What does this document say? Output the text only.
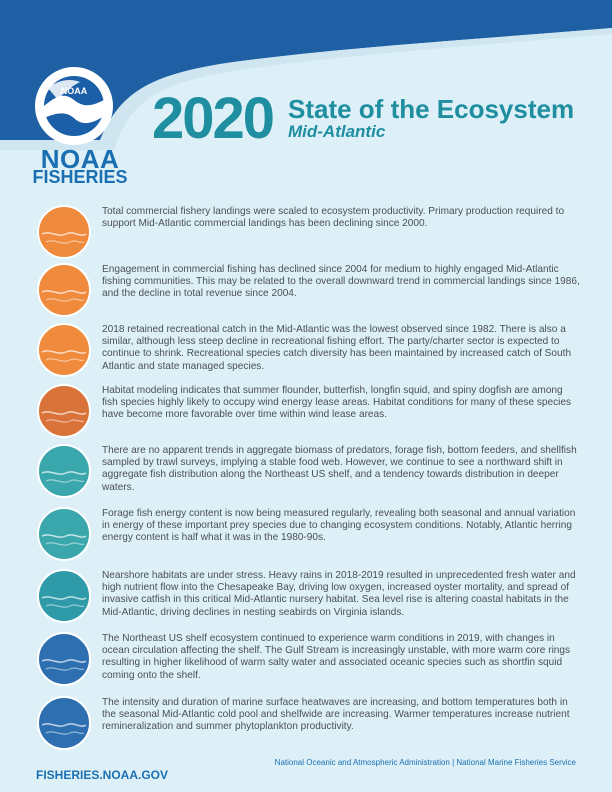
NOAA
NOAA
FISHERIES
2020 State of the Ecosystem
Mid-Atlantic
Total commercial fishery landings were scaled to ecosystem productivity. Primary production required to support Mid-Atlantic commercial landings has been declining since 2000.
Engagement in commercial fishing has declined since 2004 for medium to highly engaged Mid-Atlantic fishing communities. This may be related to the overall downward trend in commercial landings since 1986, and the decline in total revenue since 2004.
2018 retained recreational catch in the Mid-Atlantic was the lowest observed since 1982. There is also a similar, although less steep decline in recreational fishing effort. The party/charter sector is expected to continue to shrink. Recreational species catch diversity has been maintained by increased catch of South Atlantic and state managed species.
Habitat modeling indicates that summer flounder, butterfish, longfin squid, and spiny dogfish are among fish species highly likely to occupy wind energy lease areas. Habitat conditions for many of these species have become more favorable over time within wind lease areas.
There are no apparent trends in aggregate biomass of predators, forage fish, bottom feeders, and shellfish sampled by trawl surveys, implying a stable food web. However, we continue to see a northward shift in aggregate fish distribution along the Northeast US shelf, and a tendency towards distribution in deeper waters.
Forage fish energy content is now being measured regularly, revealing both seasonal and annual variation in energy of these important prey species due to changing ecosystem conditions. Notably, Atlantic herring energy content is half what it was in the 1980-90s.
Nearshore habitats are under stress. Heavy rains in 2018-2019 resulted in unprecedented fresh water and high nutrient flow into the Chesapeake Bay, driving low oxygen, increased oyster mortality, and spread of invasive catfish in this critical Mid-Atlantic nursery habitat. Sea level rise is altering coastal habitats in the Mid-Atlantic, driving declines in nesting seabirds on Virginia islands.
The Northeast US shelf ecosystem continued to experience warm conditions in 2019, with changes in ocean circulation affecting the shelf. The Gulf Stream is increasingly unstable, with more warm core rings resulting in higher likelihood of warm salty water and associated oceanic species such as shortfin squid coming onto the shelf.
The intensity and duration of marine surface heatwaves are increasing, and bottom temperatures both in the seasonal Mid-Atlantic cold pool and shelfwide are increasing. Warmer temperatures increase nutrient remineralization and summer phytoplankton productivity.
FISHERIES.NOAA.GOV
National Oceanic and Atmospheric Administration | National Marine Fisheries Service
